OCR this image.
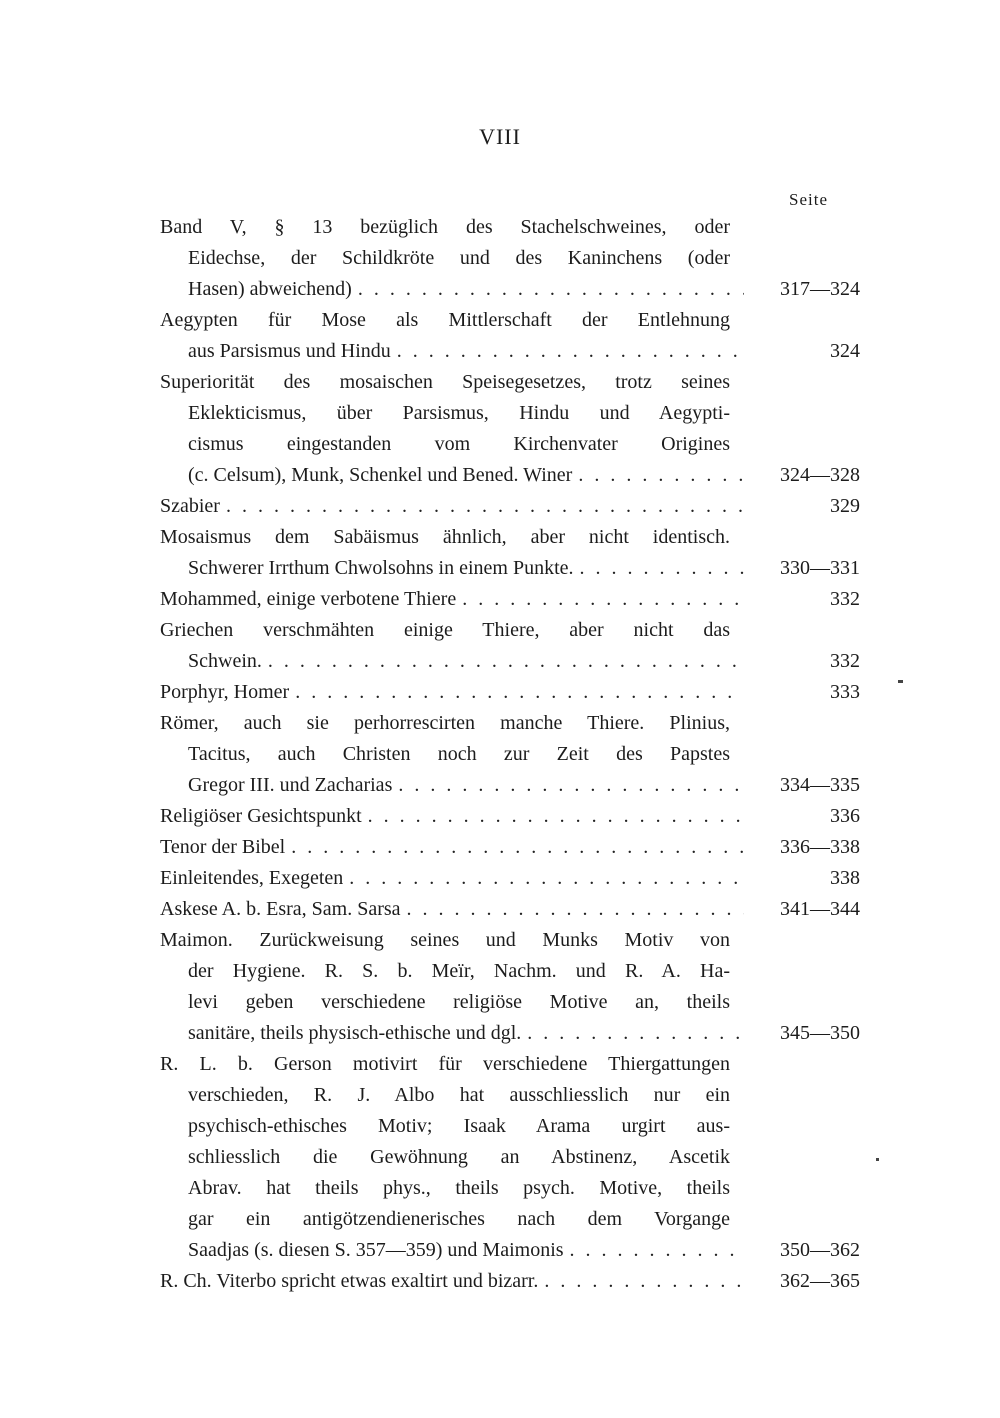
VIII
Seite
Band V, § 13 bezüglich des Stachelschweines, oder
Eidechse, der Schildkröte und des Kaninchens (oder
Hasen) abweichend) . . .	317—324
Aegypten für Mose als Mittlerschaft der Entlehnung
aus Parsismus und Hindu . . .	324
Superiorität des mosaischen Speisegesetzes, trotz seines
Eklekticismus, über Parsismus, Hindu und Aegypti-
cismus eingestanden vom Kirchenvater Origines
(c. Celsum), Munk, Schenkel und Bened. Winer . . .	324—328
Szabier . . .	329
Mosaismus dem Sabäismus ähnlich, aber nicht identisch.
Schwerer Irrthum Chwolsohns in einem Punkte. . . .	330—331
Mohammed, einige verbotene Thiere . . .	332
Griechen verschmähten einige Thiere, aber nicht das
Schwein. . . .	332
Porphyr, Homer . . .	333
Römer, auch sie perhorrescirten manche Thiere. Plinius,
Tacitus, auch Christen noch zur Zeit des Papstes
Gregor III. und Zacharias . . .	334—335
Religiöser Gesichtspunkt . . .	336
Tenor der Bibel . . .	336—338
Einleitendes, Exegeten . . .	338
Askese A. b. Esra, Sam. Sarsa . . .	341—344
Maimon. Zurückweisung seines und Munks Motiv von
der Hygiene. R. S. b. Meïr, Nachm. und R. A. Ha-
levi geben verschiedene religiöse Motive an, theils
sanitäre, theils physisch-ethische und dgl. . . .	345—350
R. L. b. Gerson motivirt für verschiedene Thiergattungen
verschieden, R. J. Albo hat ausschliesslich nur ein
psychisch-ethisches Motiv; Isaak Arama urgirt aus-
schliesslich die Gewöhnung an Abstinenz, Ascetik
Abrav. hat theils phys., theils psych. Motive, theils
gar ein antigötzendienerisches nach dem Vorgange
Saadjas (s. diesen S. 357—359) und Maimonis . . .	350—362
R. Ch. Viterbo spricht etwas exaltirt und bizarr. . . .	362—365
